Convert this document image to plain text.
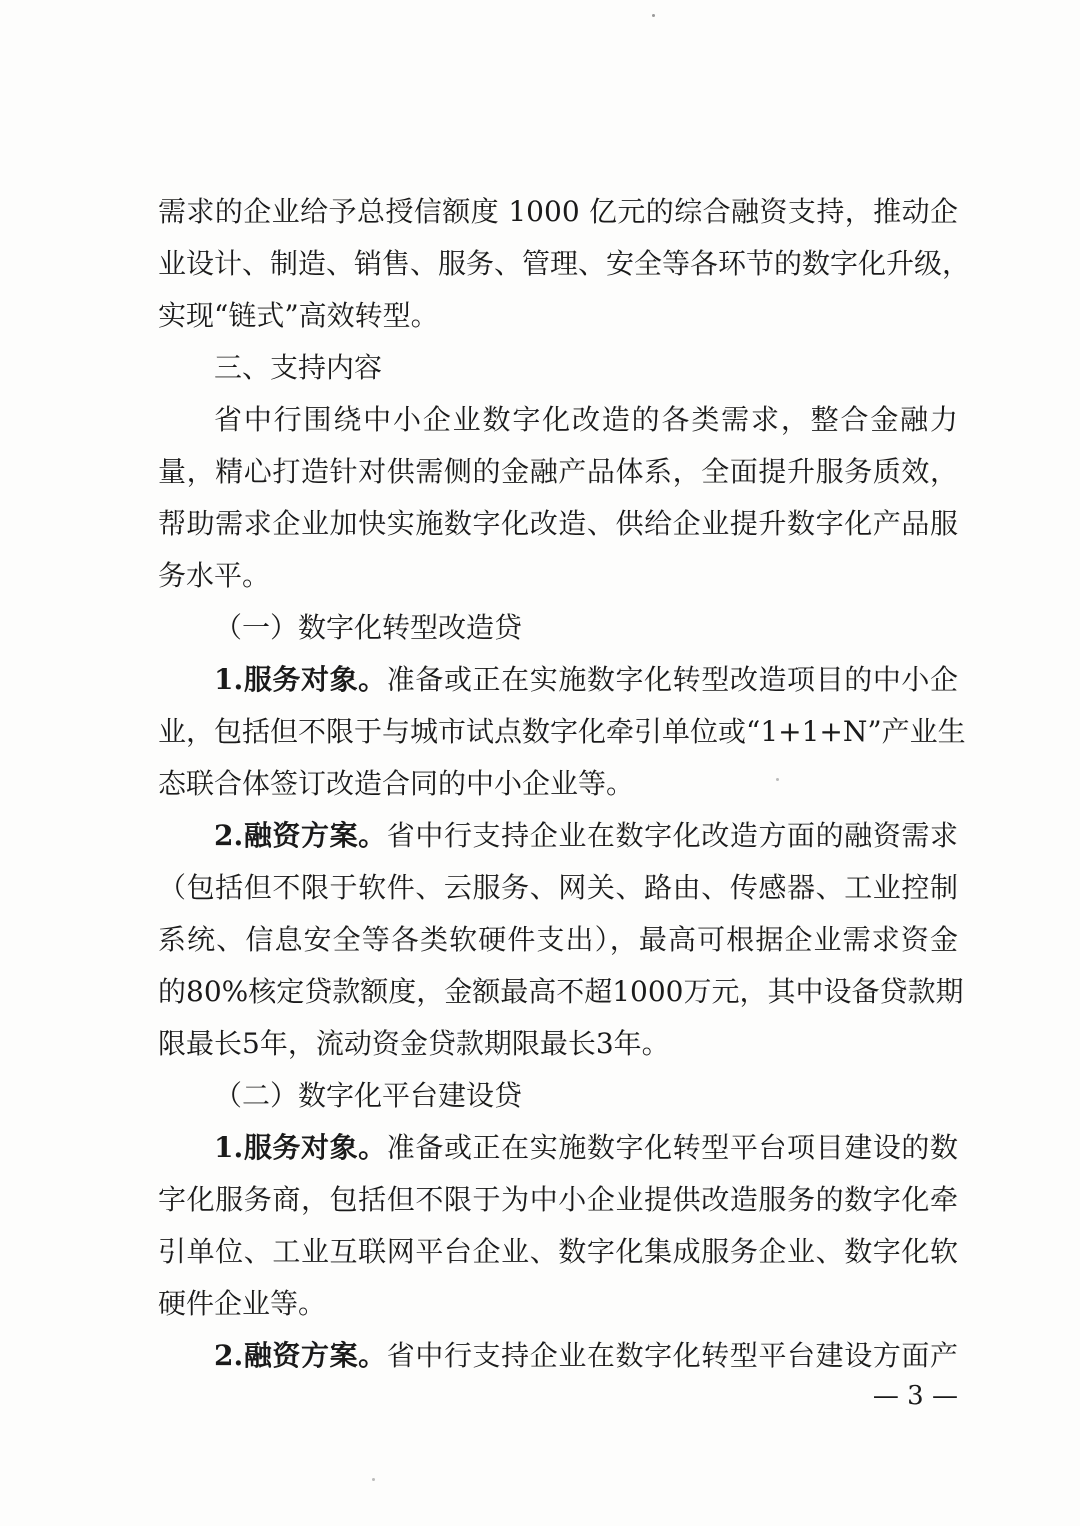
需求的企业给予总授信额度 1000 亿元的综合融资支持，推动企
业设计、制造、销售、服务、管理、安全等各环节的数字化升级，
实现“链式”高效转型。
三、支持内容
省中行围绕中小企业数字化改造的各类需求，整合金融力
量，精心打造针对供需侧的金融产品体系，全面提升服务质效，
帮助需求企业加快实施数字化改造、供给企业提升数字化产品服
务水平。
（一）数字化转型改造贷
1.服务对象。准备或正在实施数字化转型改造项目的中小企
业，包括但不限于与城市试点数字化牵引单位或“1+1+N”产业生
态联合体签订改造合同的中小企业等。
2.融资方案。省中行支持企业在数字化改造方面的融资需求
（包括但不限于软件、云服务、网关、路由、传感器、工业控制
系统、信息安全等各类软硬件支出），最高可根据企业需求资金
的80%核定贷款额度，金额最高不超1000万元，其中设备贷款期
限最长5年，流动资金贷款期限最长3年。
（二）数字化平台建设贷
1.服务对象。准备或正在实施数字化转型平台项目建设的数
字化服务商，包括但不限于为中小企业提供改造服务的数字化牵
引单位、工业互联网平台企业、数字化集成服务企业、数字化软
硬件企业等。
2.融资方案。省中行支持企业在数字化转型平台建设方面产
— 3 —
